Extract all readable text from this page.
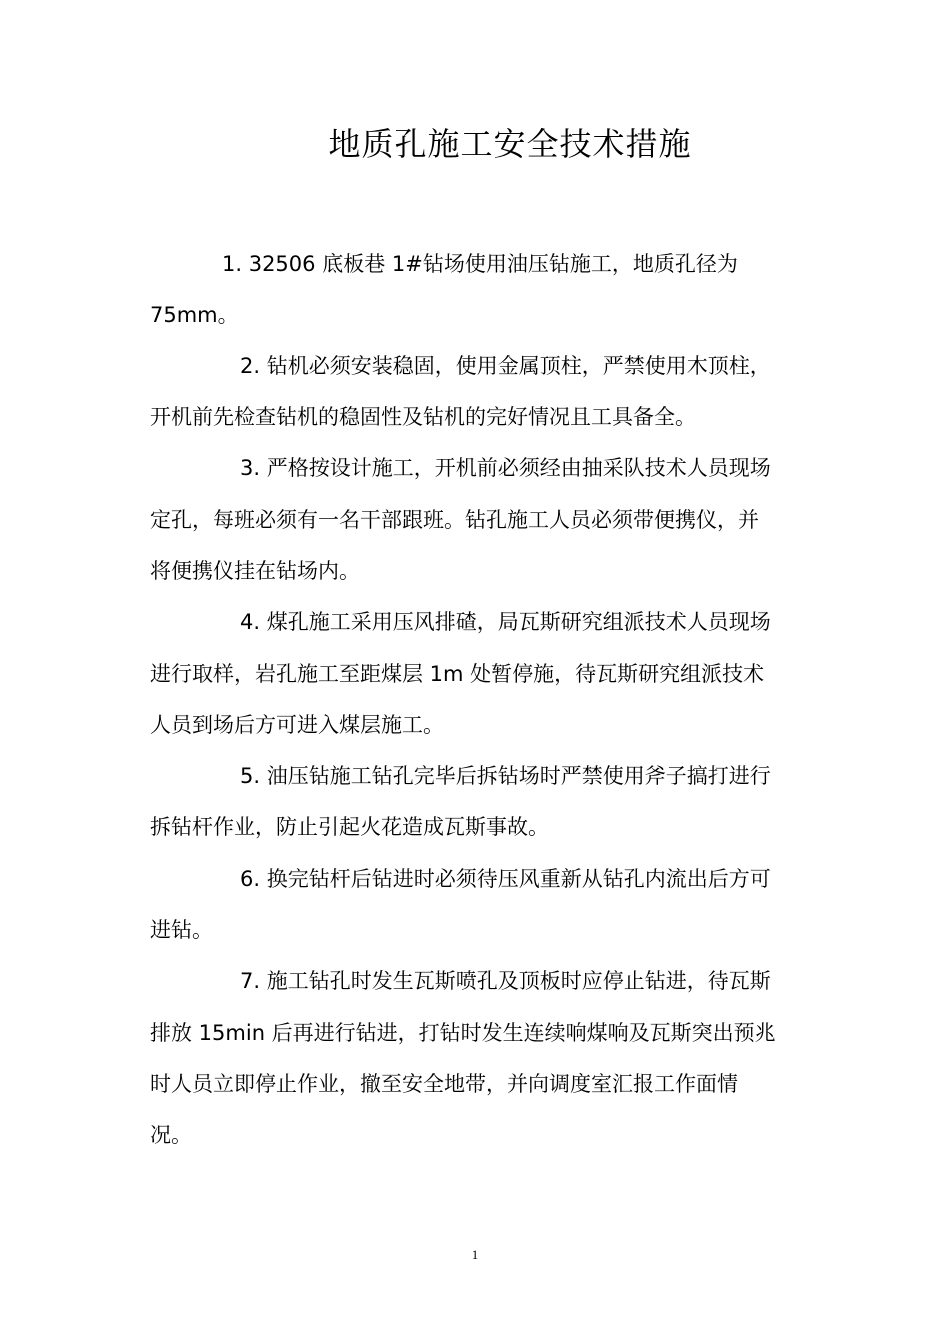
地质孔施工安全技术措施
1. 32506 底板巷 1#钻场使用油压钻施工，地质孔径为
75mm。
2. 钻机必须安装稳固，使用金属顶柱，严禁使用木顶柱，
开机前先检查钻机的稳固性及钻机的完好情况且工具备全。
3. 严格按设计施工，开机前必须经由抽采队技术人员现场
定孔，每班必须有一名干部跟班。钻孔施工人员必须带便携仪，并
将便携仪挂在钻场内。
4. 煤孔施工采用压风排碴，局瓦斯研究组派技术人员现场
进行取样，岩孔施工至距煤层 1m 处暂停施，待瓦斯研究组派技术
人员到场后方可进入煤层施工。
5. 油压钻施工钻孔完毕后拆钻场时严禁使用斧子搞打进行
拆钻杆作业，防止引起火花造成瓦斯事故。
6. 换完钻杆后钻进时必须待压风重新从钻孔内流出后方可
进钻。
7. 施工钻孔时发生瓦斯喷孔及顶板时应停止钻进，待瓦斯
排放 15min 后再进行钻进，打钻时发生连续响煤响及瓦斯突出预兆
时人员立即停止作业，撤至安全地带，并向调度室汇报工作面情
况。
1
